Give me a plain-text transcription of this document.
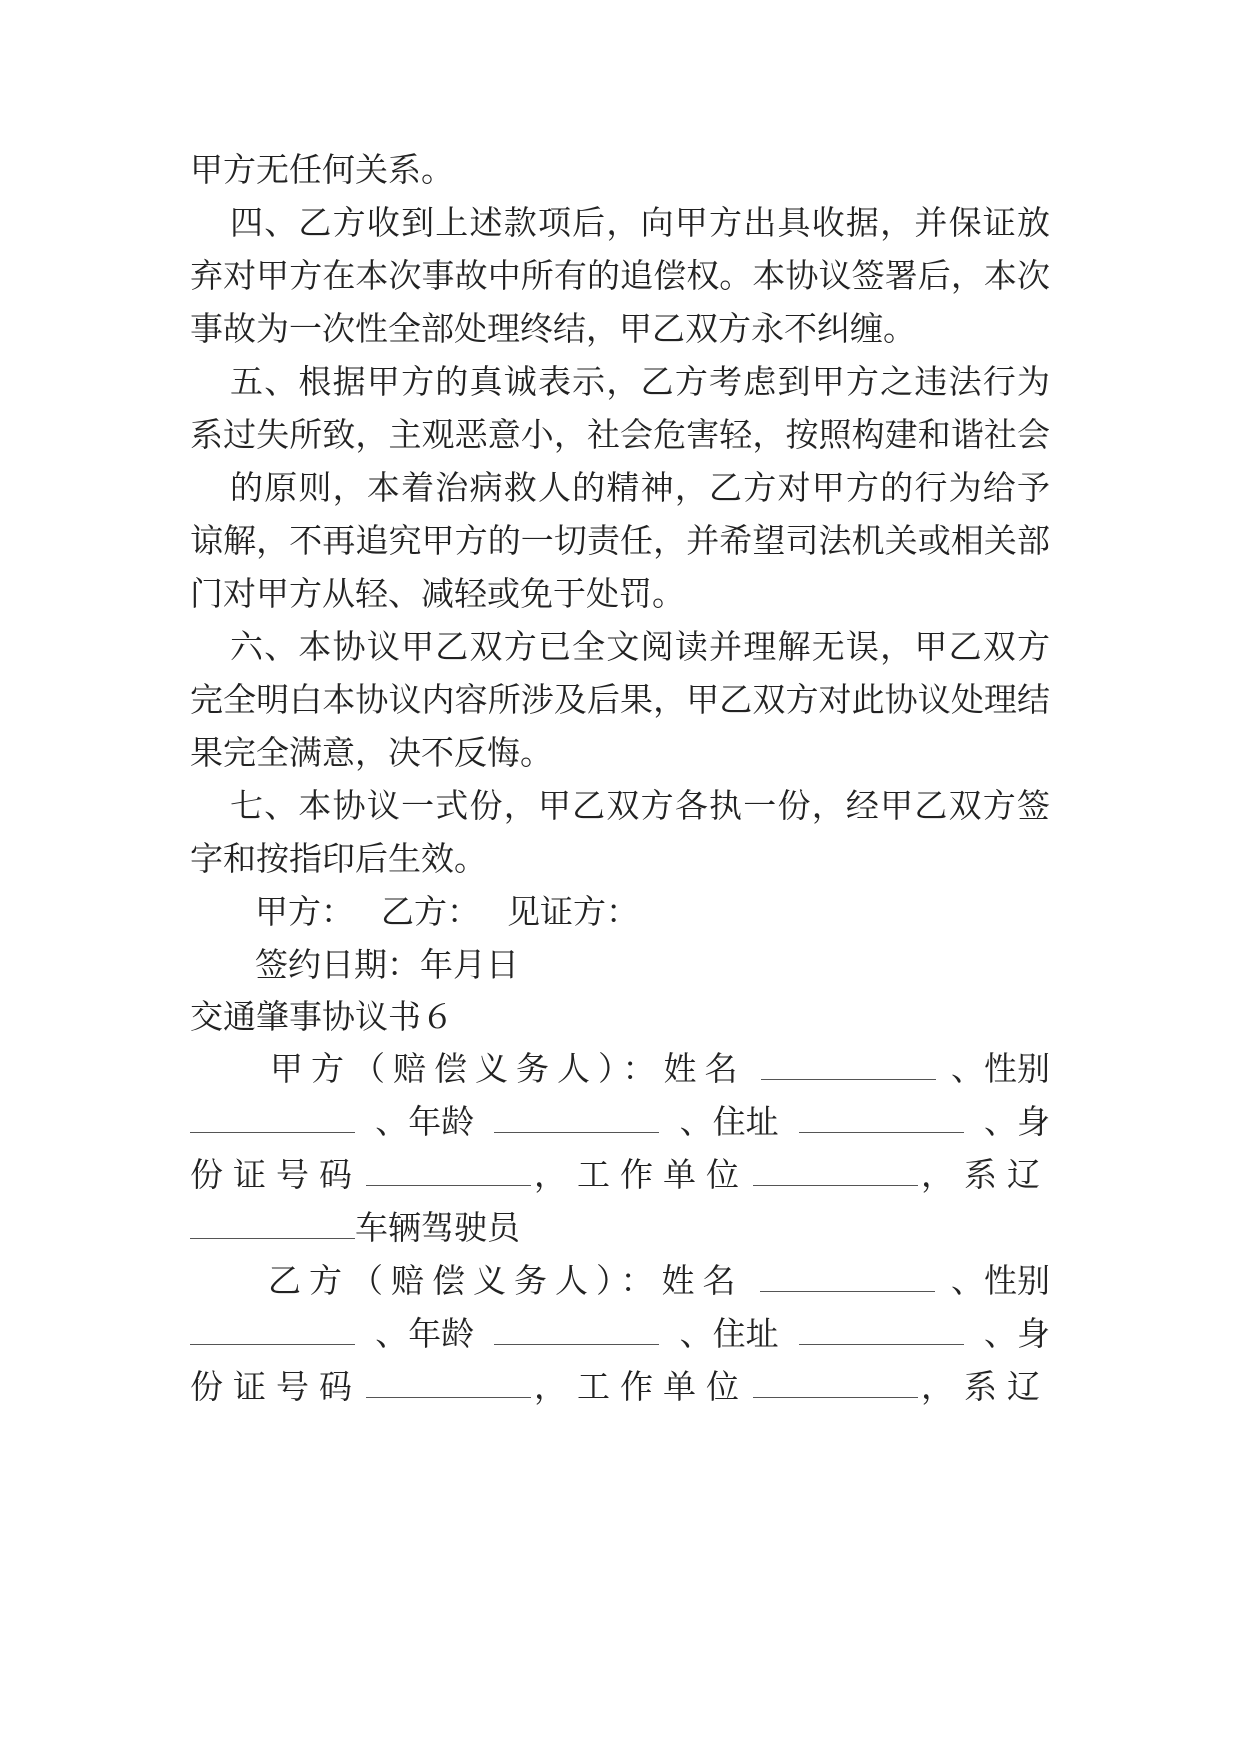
甲方无任何关系。
四、乙方收到上述款项后，向甲方出具收据，并保证放
弃对甲方在本次事故中所有的追偿权。本协议签署后，本次
事故为一次性全部处理终结，甲乙双方永不纠缠。
五、根据甲方的真诚表示，乙方考虑到甲方之违法行为
系过失所致，主观恶意小，社会危害轻，按照构建和谐社会
的原则，本着治病救人的精神，乙方对甲方的行为给予
谅解，不再追究甲方的一切责任，并希望司法机关或相关部
门对甲方从轻、减轻或免于处罚。
六、本协议甲乙双方已全文阅读并理解无误，甲乙双方
完全明白本协议内容所涉及后果，甲乙双方对此协议处理结
果完全满意，决不反悔。
七、本协议一式份，甲乙双方各执一份，经甲乙双方签
字和按指印后生效。
甲方：　 乙方：　 见证方：
签约日期：年月日
交通肇事协议书６
甲方（赔偿义务人）：姓名	、性别
、年龄	、住址	、身
份证号码	，工作单位	，系辽
车辆驾驶员
乙方（赔偿义务人）：姓名	、性别
、年龄	、住址	、身
份证号码	，工作单位	，系辽
